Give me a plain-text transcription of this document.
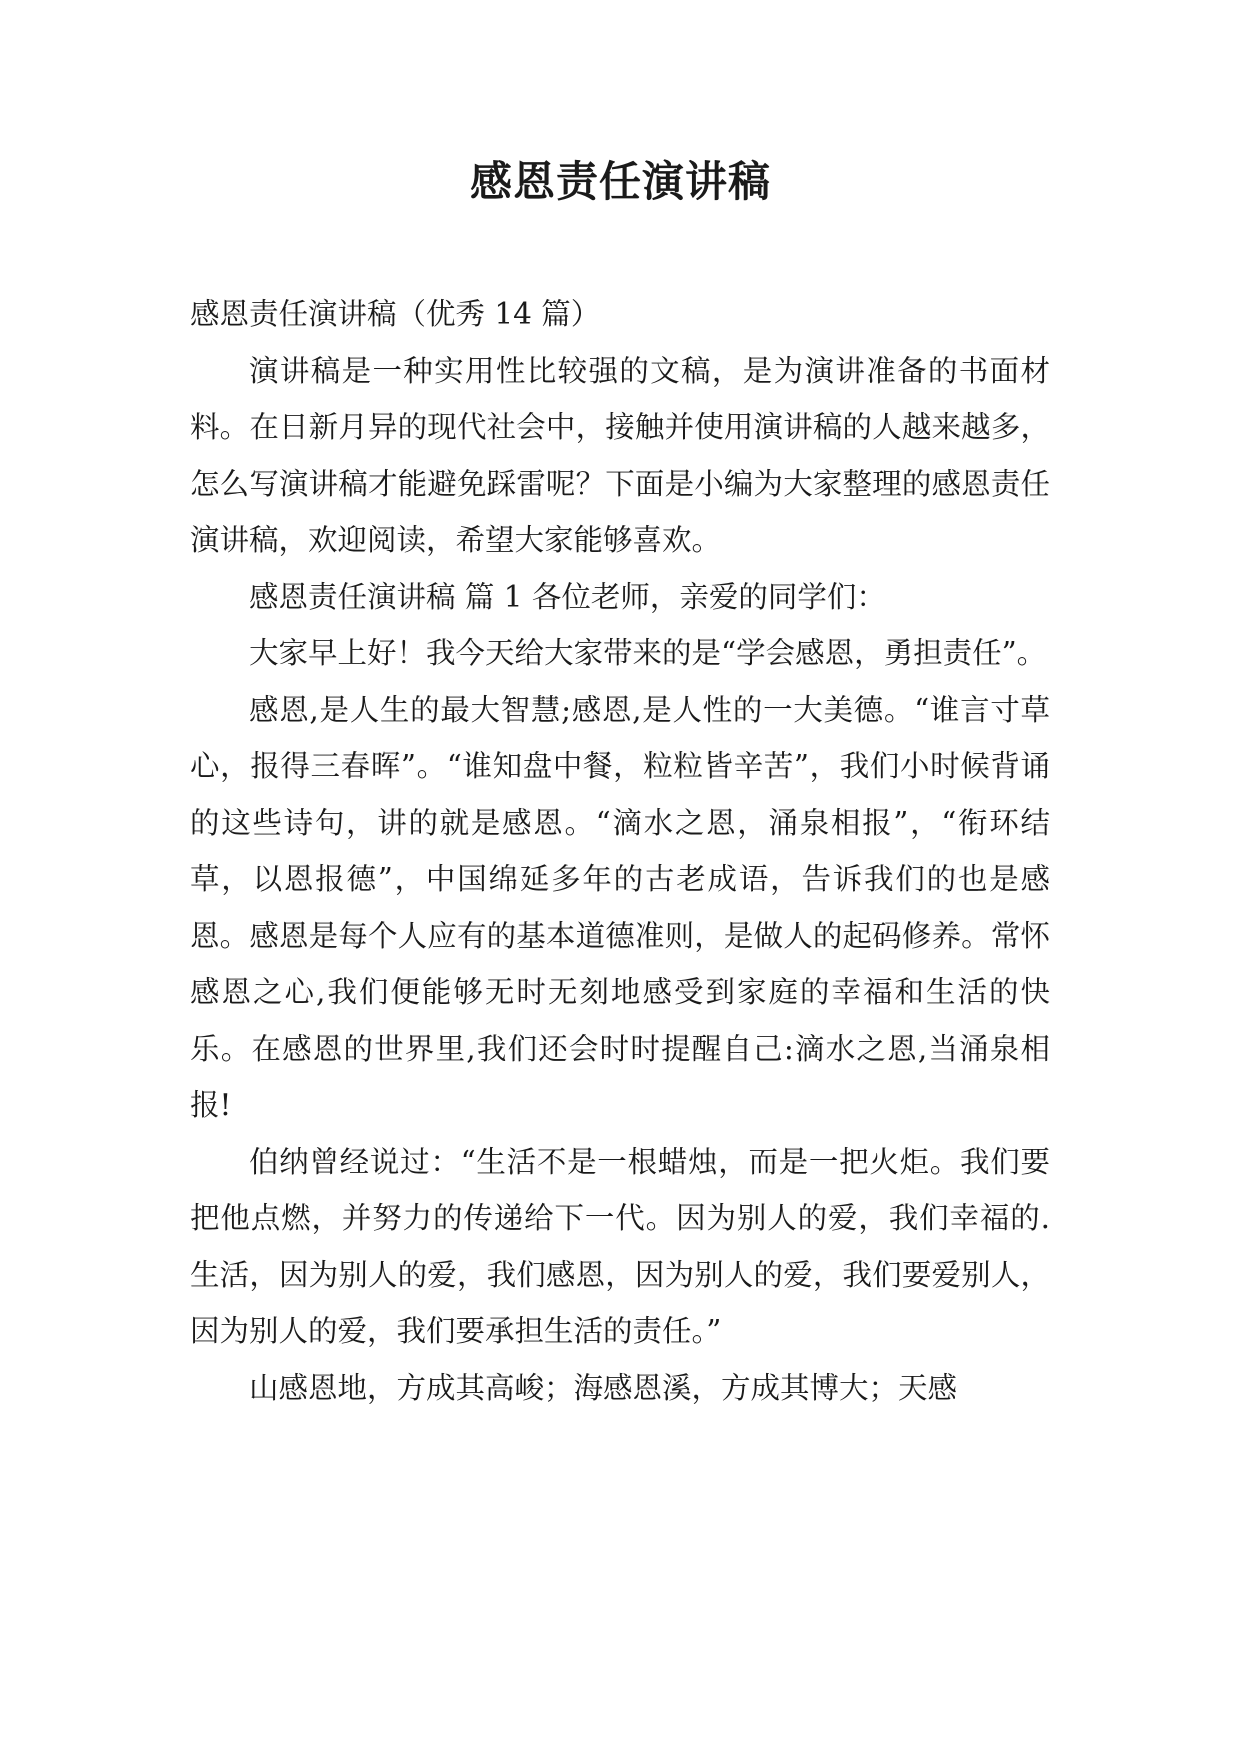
感恩责任演讲稿

感恩责任演讲稿（优秀 14 篇）

演讲稿是一种实用性比较强的文稿，是为演讲准备的书面材料。在日新月异的现代社会中，接触并使用演讲稿的人越来越多，怎么写演讲稿才能避免踩雷呢？下面是小编为大家整理的感恩责任演讲稿，欢迎阅读，希望大家能够喜欢。

感恩责任演讲稿 篇 1 各位老师，亲爱的同学们：

大家早上好！我今天给大家带来的是“学会感恩，勇担责任”。

感恩,是人生的最大智慧;感恩,是人性的一大美德。“谁言寸草心，报得三春晖”。“谁知盘中餐，粒粒皆辛苦”，我们小时候背诵的这些诗句，讲的就是感恩。“滴水之恩，涌泉相报”，“衔环结草，以恩报德”，中国绵延多年的古老成语，告诉我们的也是感恩。感恩是每个人应有的基本道德准则，是做人的起码修养。常怀感恩之心,我们便能够无时无刻地感受到家庭的幸福和生活的快乐。在感恩的世界里,我们还会时时提醒自己:滴水之恩,当涌泉相报!

伯纳曾经说过：“生活不是一根蜡烛，而是一把火炬。我们要把他点燃，并努力的传递给下一代。因为别人的爱，我们幸福的.生活，因为别人的爱，我们感恩，因为别人的爱，我们要爱别人，因为别人的爱，我们要承担生活的责任。”

山感恩地，方成其高峻；海感恩溪，方成其博大；天感
